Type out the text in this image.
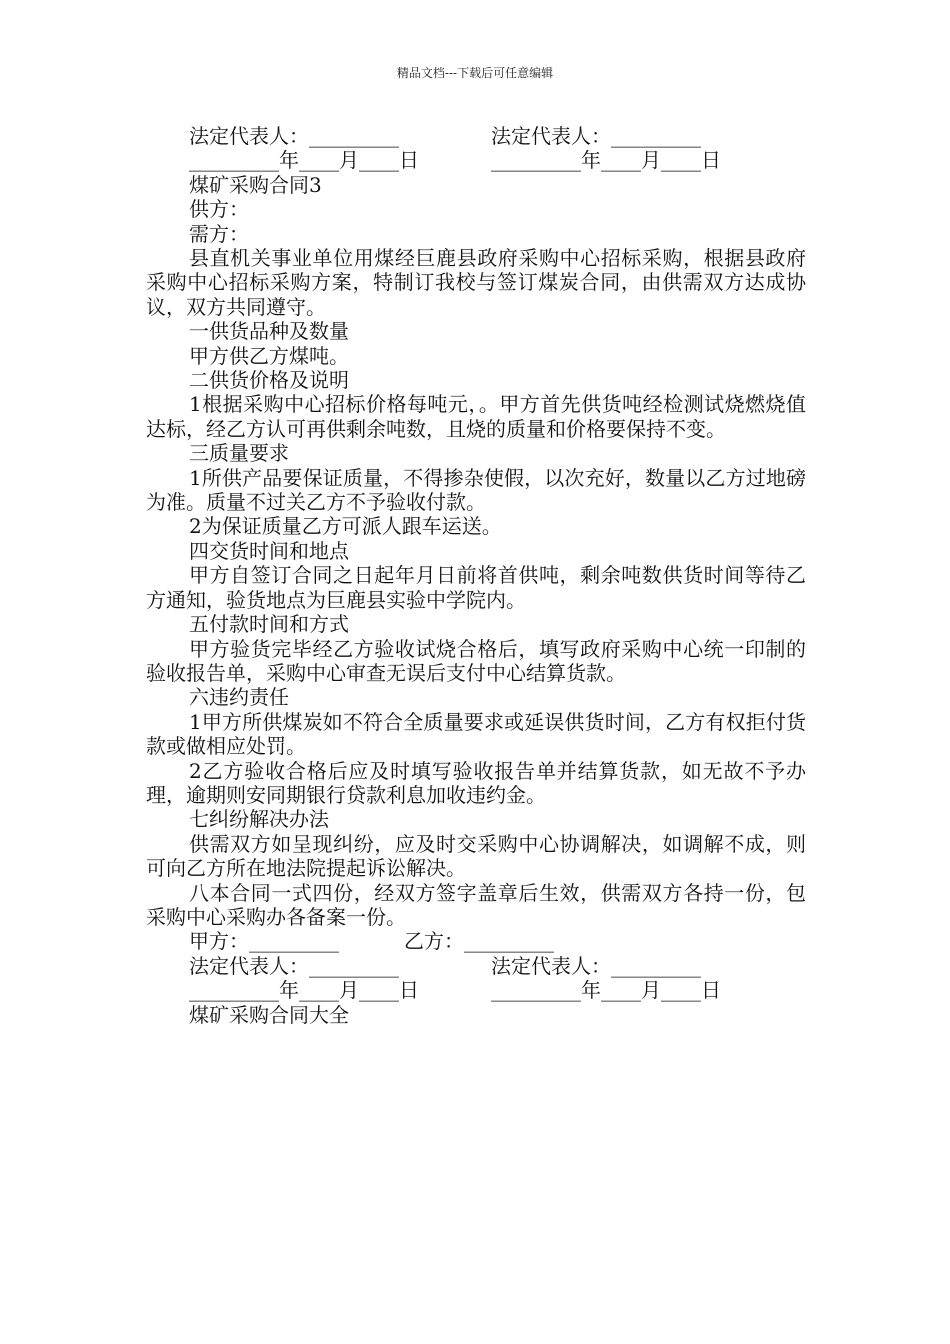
精品文档---下载后可任意编辑

法定代表人：_________

	法定代表人：_________

_________年____月____日

	_________年____月____日

煤矿采购合同3

供方：

需方：

县直机关事业单位用煤经巨鹿县政府采购中心招标采购，根据县政府采购中心招标采购方案，特制订我校与签订煤炭合同，由供需双方达成协议，双方共同遵守。

一供货品种及数量

甲方供乙方煤吨。

二供货价格及说明

1根据采购中心招标价格每吨元，。甲方首先供货吨经检测试烧燃烧值达标，经乙方认可再供剩余吨数，且烧的质量和价格要保持不变。

三质量要求

1所供产品要保证质量，不得掺杂使假，以次充好，数量以乙方过地磅为准。质量不过关乙方不予验收付款。

2为保证质量乙方可派人跟车运送。

四交货时间和地点

甲方自签订合同之日起年月日前将首供吨，剩余吨数供货时间等待乙方通知，验货地点为巨鹿县实验中学院内。

五付款时间和方式

甲方验货完毕经乙方验收试烧合格后，填写政府采购中心统一印制的验收报告单，采购中心审查无误后支付中心结算货款。

六违约责任

1甲方所供煤炭如不符合全质量要求或延误供货时间，乙方有权拒付货款或做相应处罚。

2乙方验收合格后应及时填写验收报告单并结算货款，如无故不予办理，逾期则安同期银行贷款利息加收违约金。

七纠纷解决办法

供需双方如呈现纠纷，应及时交采购中心协调解决，如调解不成，则可向乙方所在地法院提起诉讼解决。

八本合同一式四份，经双方签字盖章后生效，供需双方各持一份，包采购中心采购办各备案一份。

甲方：_________

	乙方：_________

法定代表人：_________

	法定代表人：_________

_________年____月____日

	_________年____月____日

煤矿采购合同大全
